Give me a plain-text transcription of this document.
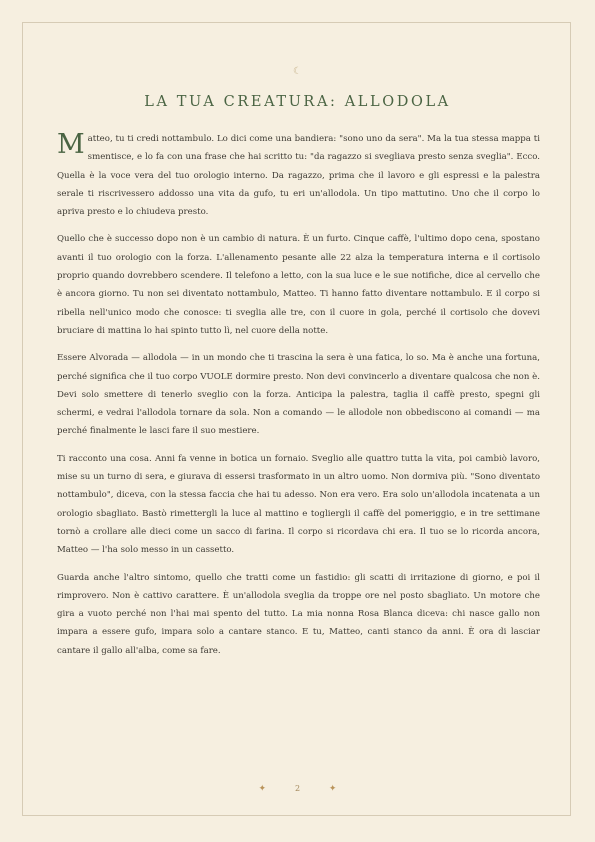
☾
LA TUA CREATURA: ALLODOLA

Matteo, tu ti credi nottambulo. Lo dici come una bandiera: "sono uno da sera". Ma la tua stessa mappa ti smentisce, e lo fa con una frase che hai scritto tu: "da ragazzo si svegliava presto senza sveglia". Ecco. Quella è la voce vera del tuo orologio interno. Da ragazzo, prima che il lavoro e gli espressi e la palestra serale ti riscrivessero addosso una vita da gufo, tu eri un'allodola. Un tipo mattutino. Uno che il corpo lo apriva presto e lo chiudeva presto.

Quello che è successo dopo non è un cambio di natura. È un furto. Cinque caffè, l'ultimo dopo cena, spostano avanti il tuo orologio con la forza. L'allenamento pesante alle 22 alza la temperatura interna e il cortisolo proprio quando dovrebbero scendere. Il telefono a letto, con la sua luce e le sue notifiche, dice al cervello che è ancora giorno. Tu non sei diventato nottambulo, Matteo. Ti hanno fatto diventare nottambulo. E il corpo si ribella nell'unico modo che conosce: ti sveglia alle tre, con il cuore in gola, perché il cortisolo che dovevi bruciare di mattina lo hai spinto tutto lì, nel cuore della notte.

Essere Alvorada — allodola — in un mondo che ti trascina la sera è una fatica, lo so. Ma è anche una fortuna, perché significa che il tuo corpo VUOLE dormire presto. Non devi convincerlo a diventare qualcosa che non è. Devi solo smettere di tenerlo sveglio con la forza. Anticipa la palestra, taglia il caffè presto, spegni gli schermi, e vedrai l'allodola tornare da sola. Non a comando — le allodole non obbediscono ai comandi — ma perché finalmente le lasci fare il suo mestiere.

Ti racconto una cosa. Anni fa venne in botica un fornaio. Sveglio alle quattro tutta la vita, poi cambiò lavoro, mise su un turno di sera, e giurava di essersi trasformato in un altro uomo. Non dormiva più. "Sono diventato nottambulo", diceva, con la stessa faccia che hai tu adesso. Non era vero. Era solo un'allodola incatenata a un orologio sbagliato. Bastò rimettergli la luce al mattino e togliergli il caffè del pomeriggio, e in tre settimane tornò a crollare alle dieci come un sacco di farina. Il corpo si ricordava chi era. Il tuo se lo ricorda ancora, Matteo — l'ha solo messo in un cassetto.

Guarda anche l'altro sintomo, quello che tratti come un fastidio: gli scatti di irritazione di giorno, e poi il rimprovero. Non è cattivo carattere. È un'allodola sveglia da troppe ore nel posto sbagliato. Un motore che gira a vuoto perché non l'hai mai spento del tutto. La mia nonna Rosa Blanca diceva: chi nasce gallo non impara a essere gufo, impara solo a cantare stanco. E tu, Matteo, canti stanco da anni. È ora di lasciar cantare il gallo all'alba, come sa fare.

✦	2	✦
